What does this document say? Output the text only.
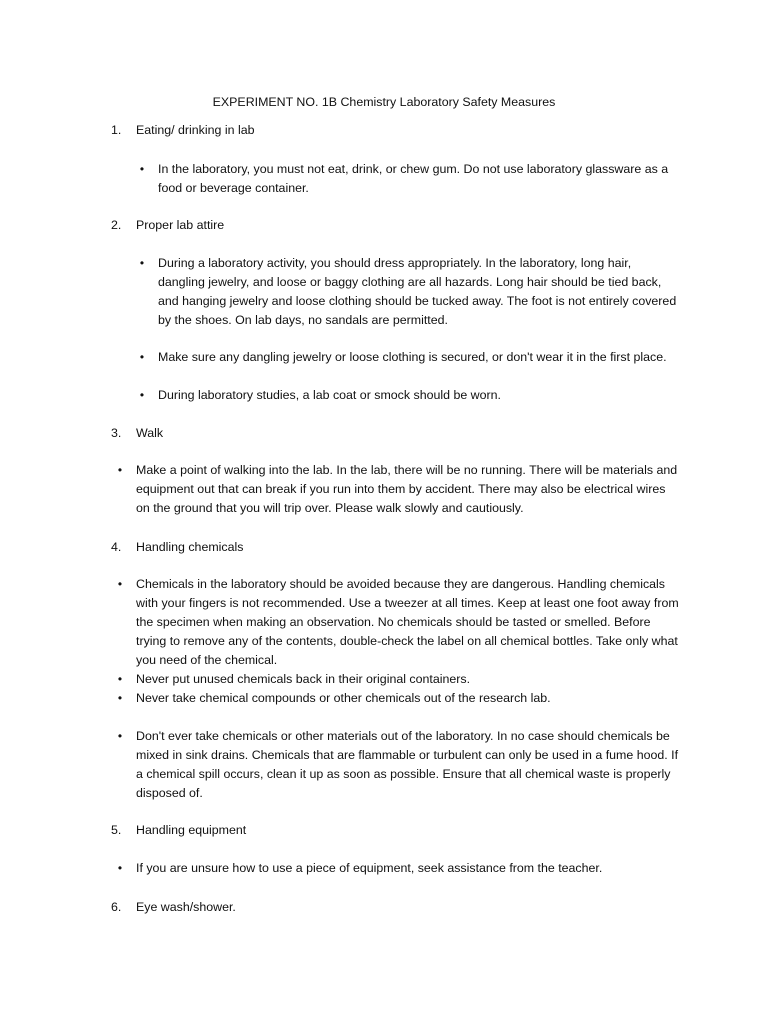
EXPERIMENT NO. 1B Chemistry Laboratory Safety Measures
1. Eating/ drinking in lab
• In the laboratory, you must not eat, drink, or chew gum. Do not use laboratory glassware as a food or beverage container.

2. Proper lab attire
• During a laboratory activity, you should dress appropriately. In the laboratory, long hair, dangling jewelry, and loose or baggy clothing are all hazards. Long hair should be tied back, and hanging jewelry and loose clothing should be tucked away. The foot is not entirely covered by the shoes. On lab days, no sandals are permitted.

• Make sure any dangling jewelry or loose clothing is secured, or don't wear it in the first place.

• During laboratory studies, a lab coat or smock should be worn.

3. Walk
• Make a point of walking into the lab. In the lab, there will be no running. There will be materials and equipment out that can break if you run into them by accident. There may also be electrical wires on the ground that you will trip over. Please walk slowly and cautiously.

4. Handling chemicals
• Chemicals in the laboratory should be avoided because they are dangerous. Handling chemicals with your fingers is not recommended. Use a tweezer at all times. Keep at least one foot away from the specimen when making an observation. No chemicals should be tasted or smelled. Before trying to remove any of the contents, double-check the label on all chemical bottles. Take only what you need of the chemical.

• Never put unused chemicals back in their original containers.

• Never take chemical compounds or other chemicals out of the research lab.

• Don't ever take chemicals or other materials out of the laboratory. In no case should chemicals be mixed in sink drains. Chemicals that are flammable or turbulent can only be used in a fume hood. If a chemical spill occurs, clean it up as soon as possible. Ensure that all chemical waste is properly disposed of.

5. Handling equipment
• If you are unsure how to use a piece of equipment, seek assistance from the teacher.

6. Eye wash/shower.
